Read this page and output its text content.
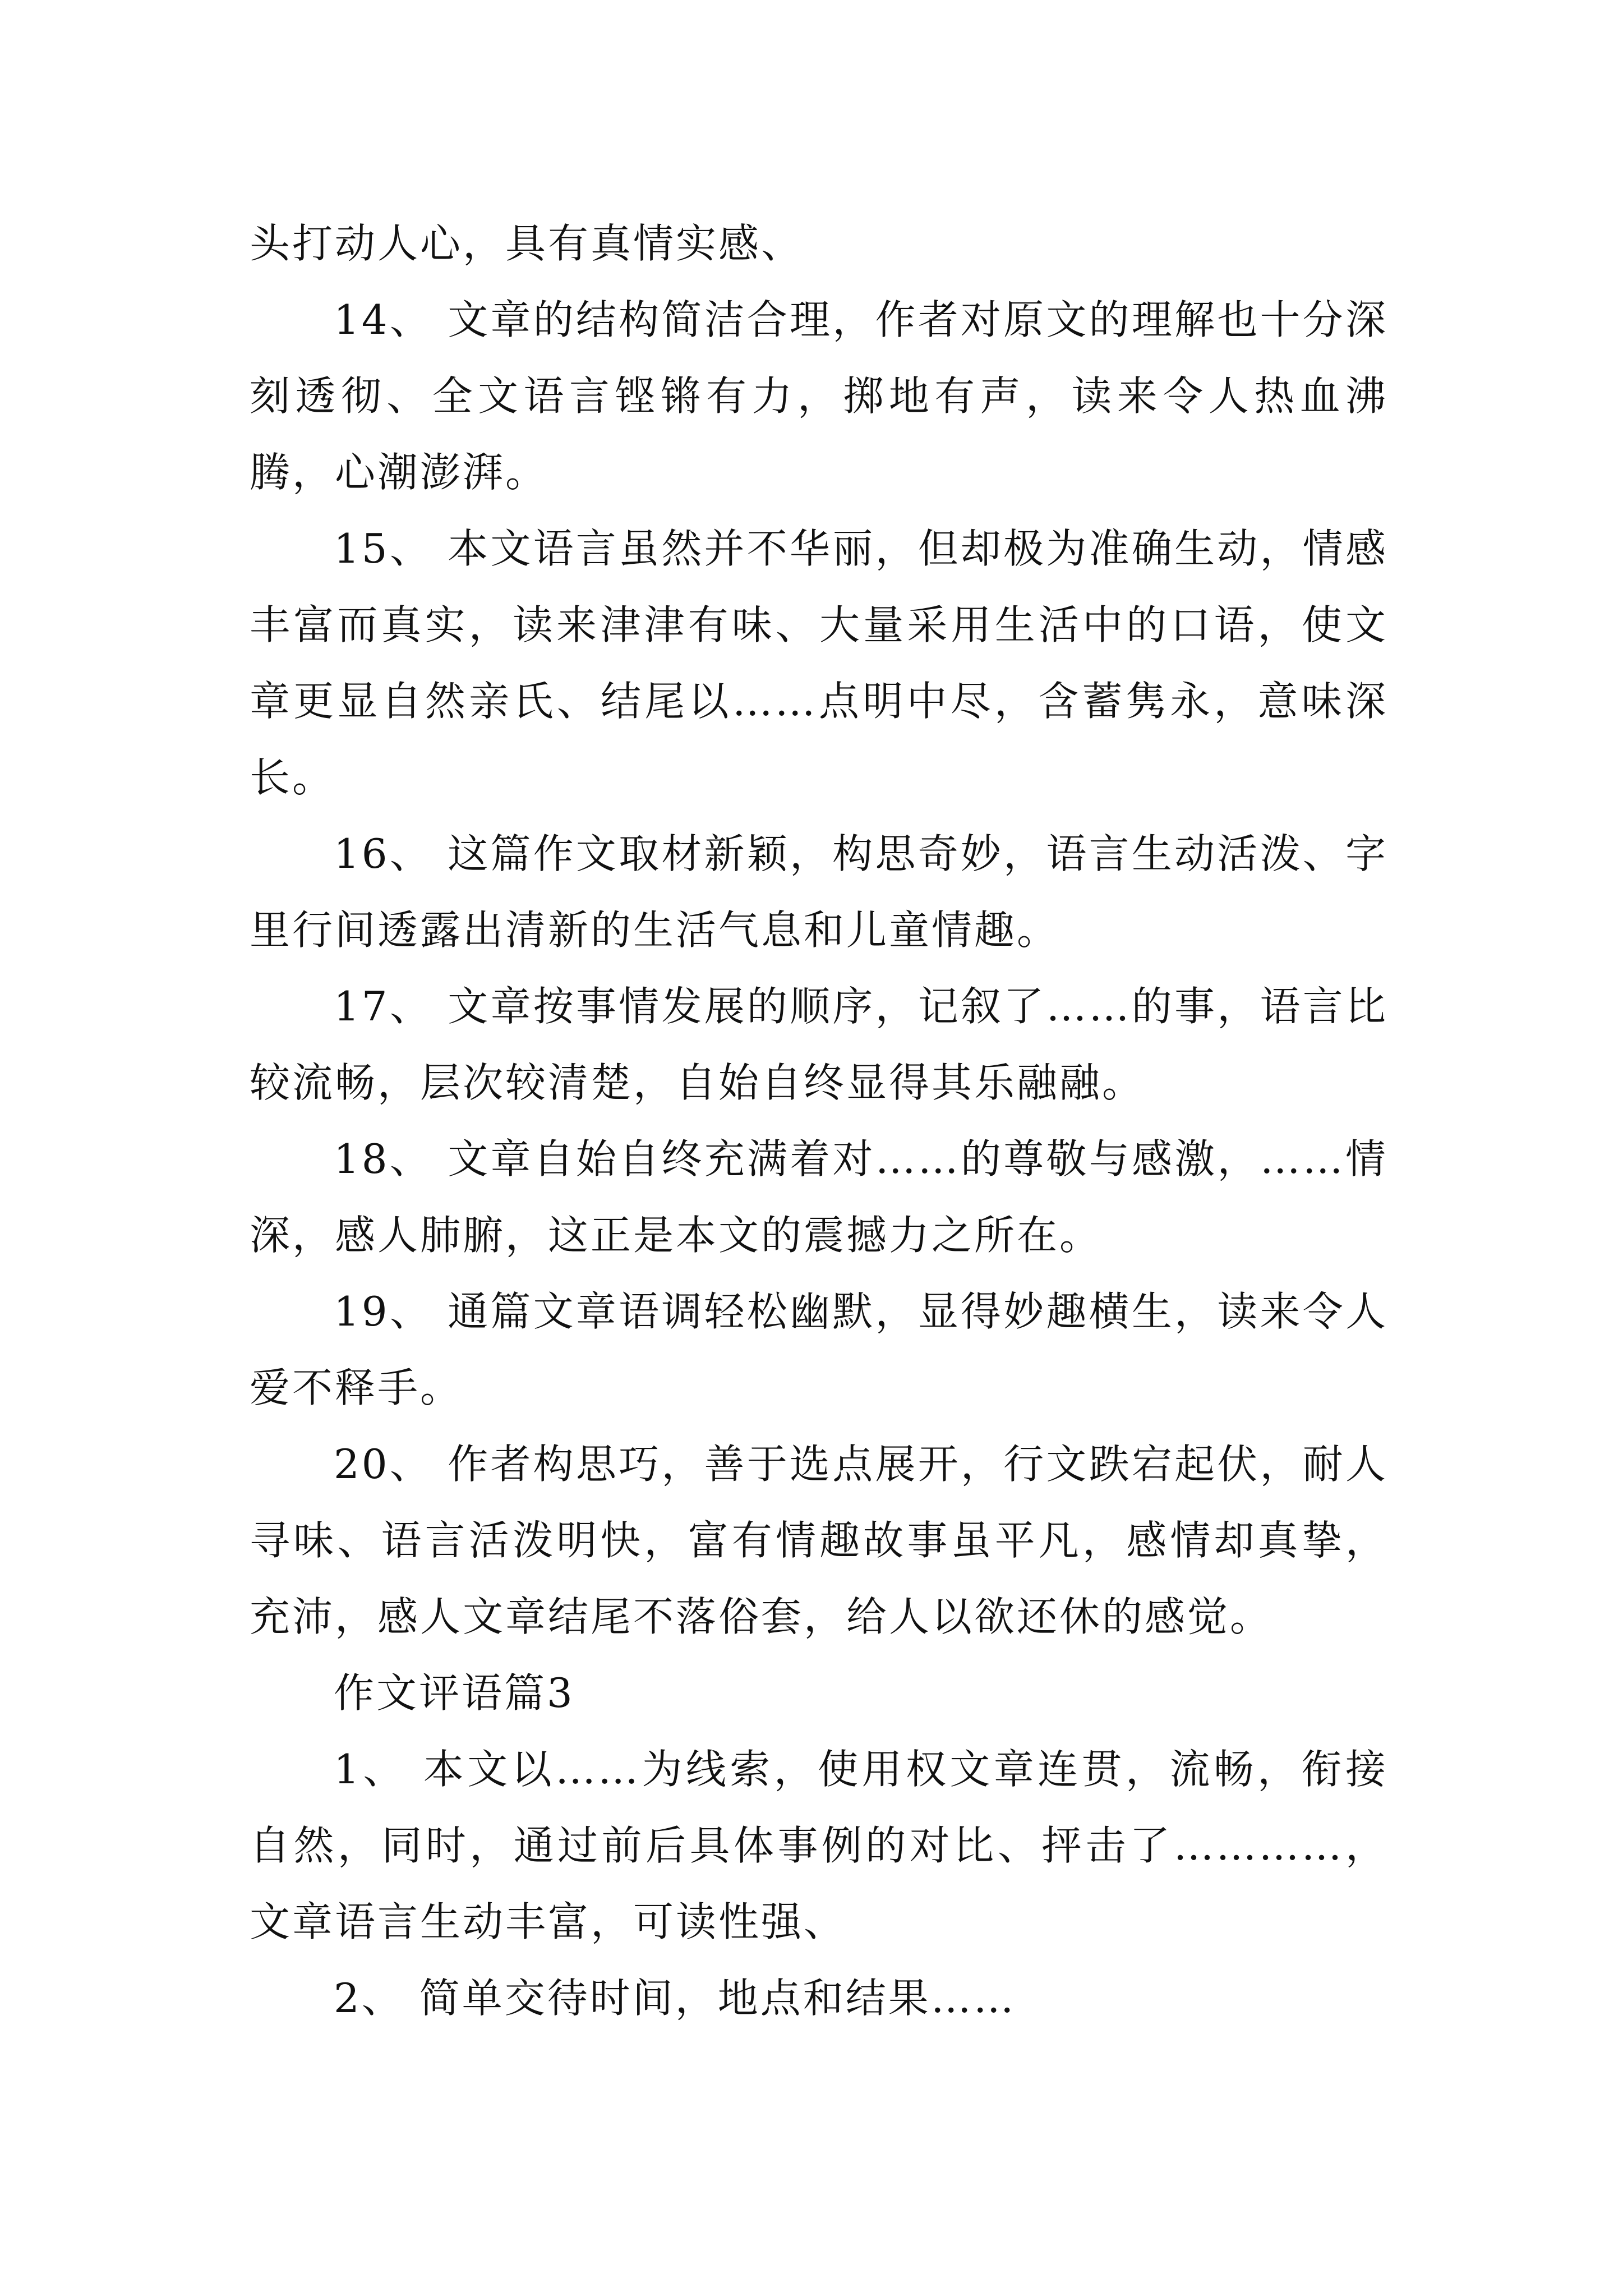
头打动人心，具有真情实感、

14、 文章的结构简洁合理，作者对原文的理解也十分深刻透彻、全文语言铿锵有力，掷地有声，读来令人热血沸腾，心潮澎湃。

15、 本文语言虽然并不华丽，但却极为准确生动，情感丰富而真实，读来津津有味、大量采用生活中的口语，使文章更显自然亲氏、结尾以……点明中尽，含蓄隽永，意味深长。

16、 这篇作文取材新颖，构思奇妙，语言生动活泼、字里行间透露出清新的生活气息和儿童情趣。

17、 文章按事情发展的顺序，记叙了……的事，语言比较流畅，层次较清楚，自始自终显得其乐融融。

18、 文章自始自终充满着对……的尊敬与感激，……情深，感人肺腑，这正是本文的震撼力之所在。

19、 通篇文章语调轻松幽默，显得妙趣横生，读来令人爱不释手。

20、 作者构思巧，善于选点展开，行文跌宕起伏，耐人寻味、语言活泼明快，富有情趣故事虽平凡，感情却真挚，充沛，感人文章结尾不落俗套，给人以欲还休的感觉。

作文评语篇3

1、 本文以……为线索，使用权文章连贯，流畅，衔接自然，同时，通过前后具体事例的对比、抨击了…………，文章语言生动丰富，可读性强、

2、 简单交待时间，地点和结果……
